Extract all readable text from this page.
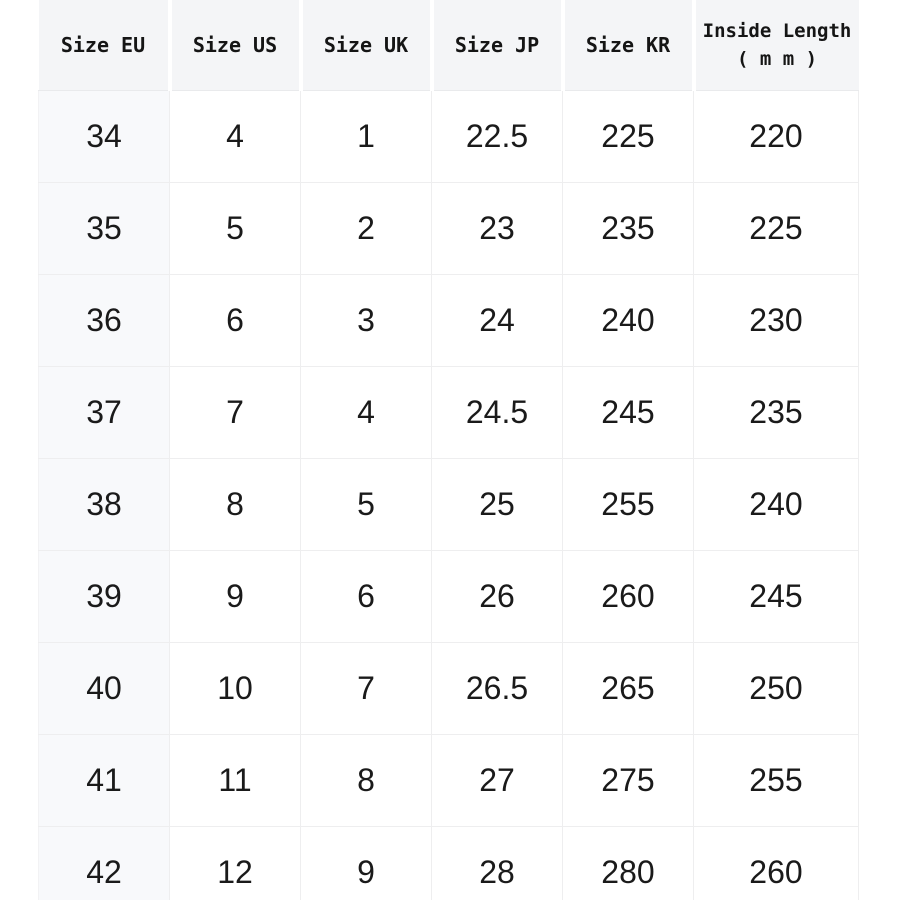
Size EU	Size US	Size UK	Size JP	Size KR	Inside Length
( m m )

34	4	1	22.5	225	220
35	5	2	23	235	225
36	6	3	24	240	230
37	7	4	24.5	245	235
38	8	5	25	255	240
39	9	6	26	260	245
40	10	7	26.5	265	250
41	11	8	27	275	255
42	12	9	28	280	260
